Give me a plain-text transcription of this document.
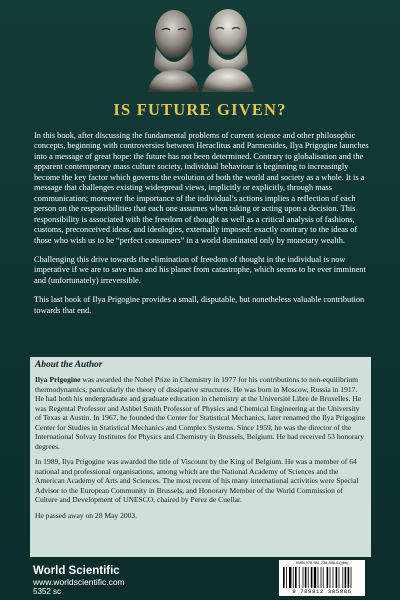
IS FUTURE GIVEN?

In this book, after discussing the fundamental problems of current science and other philosophic concepts, beginning with controversies between Heraclitus and Parmenides, Ilya Prigogine launches into a message of great hope: the future has not been determined. Contrary to globalisation and the apparent contemporary mass culture society, individual behaviour is beginning to increasingly become the key factor which governs the evolution of both the world and society as a whole. It is a message that challenges existing widespread views, implicitly or explicitly, through mass communication; moreover the importance of the individual’s actions implies a reflection of each person on the responsibilities that each one assumes when taking or acting upon a decision. This responsibility is associated with the freedom of thought as well as a critical analysis of fashions, customs, preconceived ideas, and ideologies, externally imposed: exactly contrary to the ideas of those who wish us to be “perfect consumers” in a world dominated only by monetary wealth.

Challenging this drive towards the elimination of freedom of thought in the individual is now imperative if we are to save man and his planet from catastrophe, which seems to be ever imminent and (unfortunately) irreversible.

This last book of Ilya Prigogine provides a small, disputable, but nonetheless valuable contribution towards that end.

About the Author

Ilya Prigogine was awarded the Nobel Prize in Chemistry in 1977 for his contributions to non-equilibrium thermodynamics, particularly the theory of dissipative structures. He was born in Moscow, Russia in 1917. He had both his undergraduate and graduate education in chemistry at the Université Libre de Bruxelles. He was Regental Professor and Ashbel Smith Professor of Physics and Chemical Engineering at the University of Texas at Austin. In 1967, he founded the Center for Statistical Mechanics, later renamed the Ilya Prigogine Center for Studies in Statistical Mechanics and Complex Systems. Since 1959, he was the director of the International Solvay Institutes for Physics and Chemistry in Brussels, Belgium. He had received 53 honorary degrees.

In 1989, Ilya Prigogine was awarded the title of Viscount by the King of Belgium. He was a member of 64 national and professional organisations, among which are the National Academy of Sciences and the American Academy of Arts and Sciences. The most recent of his many international activities were Special Advisor to the European Community in Brussels, and Honorary Member of the World Commission of Culture and Development of UNESCO, chaired by Perez de Cuellar.

He passed away on 28 May 2003.

World Scientific
www.worldscientific.com
5352 sc
ISBN 978-981-238-508-6 (pbk)
9 789812 385086
